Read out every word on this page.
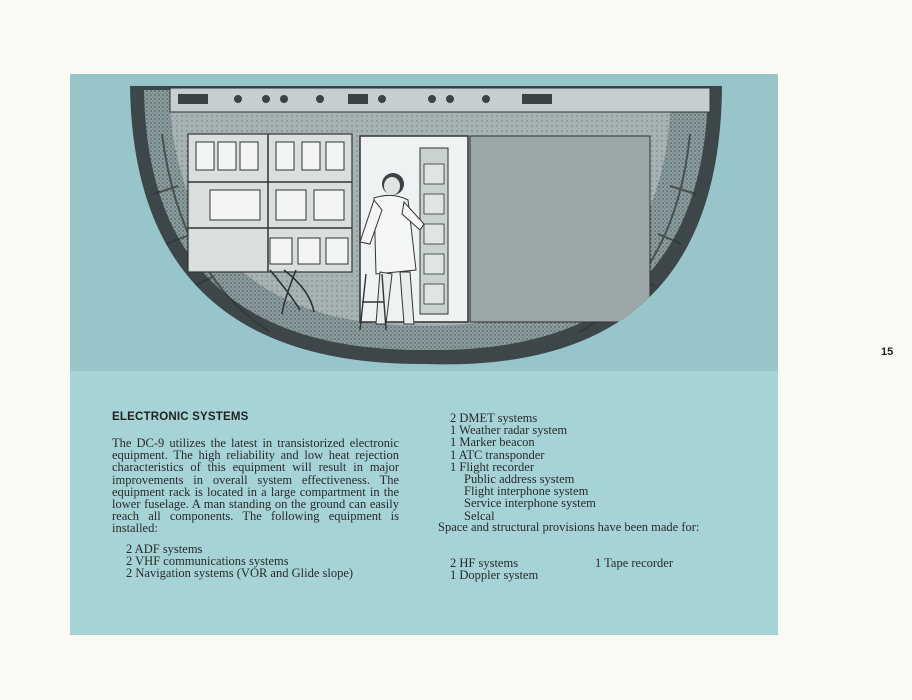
15
ELECTRONIC SYSTEMS

The DC-9 utilizes the latest in transistorized electronic equipment. The high reliability and low heat rejection characteristics of this equipment will result in major improvements in overall system effectiveness. The equipment rack is located in a large compartment in the lower fuselage. A man standing on the ground can easily reach all components. The following equipment is installed:

2 ADF systems
2 VHF communications systems
2 Navigation systems (VOR and Glide slope)
2 DMET systems
1 Weather radar system
1 Marker beacon
1 ATC transponder
1 Flight recorder
Public address system
Flight interphone system
Service interphone system
Selcal

Space and structural provisions have been made for:

2 HF systems
1 Doppler system
1 Tape recorder
